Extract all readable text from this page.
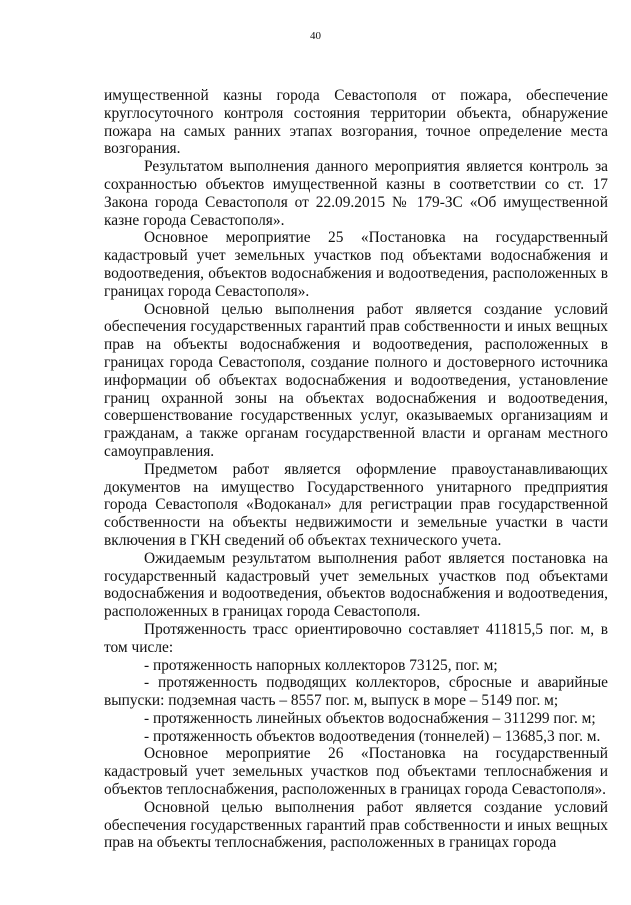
40

имущественной казны города Севастополя от пожара, обеспечение круглосуточного контроля состояния территории объекта, обнаружение пожара на самых ранних этапах возгорания, точное определение места возгорания.

Результатом выполнения данного мероприятия является контроль за сохранностью объектов имущественной казны в соответствии со ст. 17 Закона города Севастополя от 22.09.2015 № 179-ЗС «Об имущественной казне города Севастополя».

Основное мероприятие 25 «Постановка на государственный кадастровый учет земельных участков под объектами водоснабжения и водоотведения, объектов водоснабжения и водоотведения, расположенных в границах города Севастополя».

Основной целью выполнения работ является создание условий обеспечения государственных гарантий прав собственности и иных вещных прав на объекты водоснабжения и водоотведения, расположенных в границах города Севастополя, создание полного и достоверного источника информации об объектах водоснабжения и водоотведения, установление границ охранной зоны на объектах водоснабжения и водоотведения, совершенствование государственных услуг, оказываемых организациям и гражданам, а также органам государственной власти и органам местного самоуправления.

Предметом работ является оформление правоустанавливающих документов на имущество Государственного унитарного предприятия города Севастополя «Водоканал» для регистрации прав государственной собственности на объекты недвижимости и земельные участки в части включения в ГКН сведений об объектах технического учета.

Ожидаемым результатом выполнения работ является постановка на государственный кадастровый учет земельных участков под объектами водоснабжения и водоотведения, объектов водоснабжения и водоотведения, расположенных в границах города Севастополя.

Протяженность трасс ориентировочно составляет 411815,5 пог. м, в том числе:

- протяженность напорных коллекторов 73125, пог. м;

- протяженность подводящих коллекторов, сбросные и аварийные выпуски: подземная часть – 8557 пог. м, выпуск в море – 5149 пог. м;

- протяженность линейных объектов водоснабжения – 311299 пог. м;

- протяженность объектов водоотведения (тоннелей) – 13685,3 пог. м.

Основное мероприятие 26 «Постановка на государственный кадастровый учет земельных участков под объектами теплоснабжения и объектов теплоснабжения, расположенных в границах города Севастополя».

Основной целью выполнения работ является создание условий обеспечения государственных гарантий прав собственности и иных вещных прав на объекты теплоснабжения, расположенных в границах города
